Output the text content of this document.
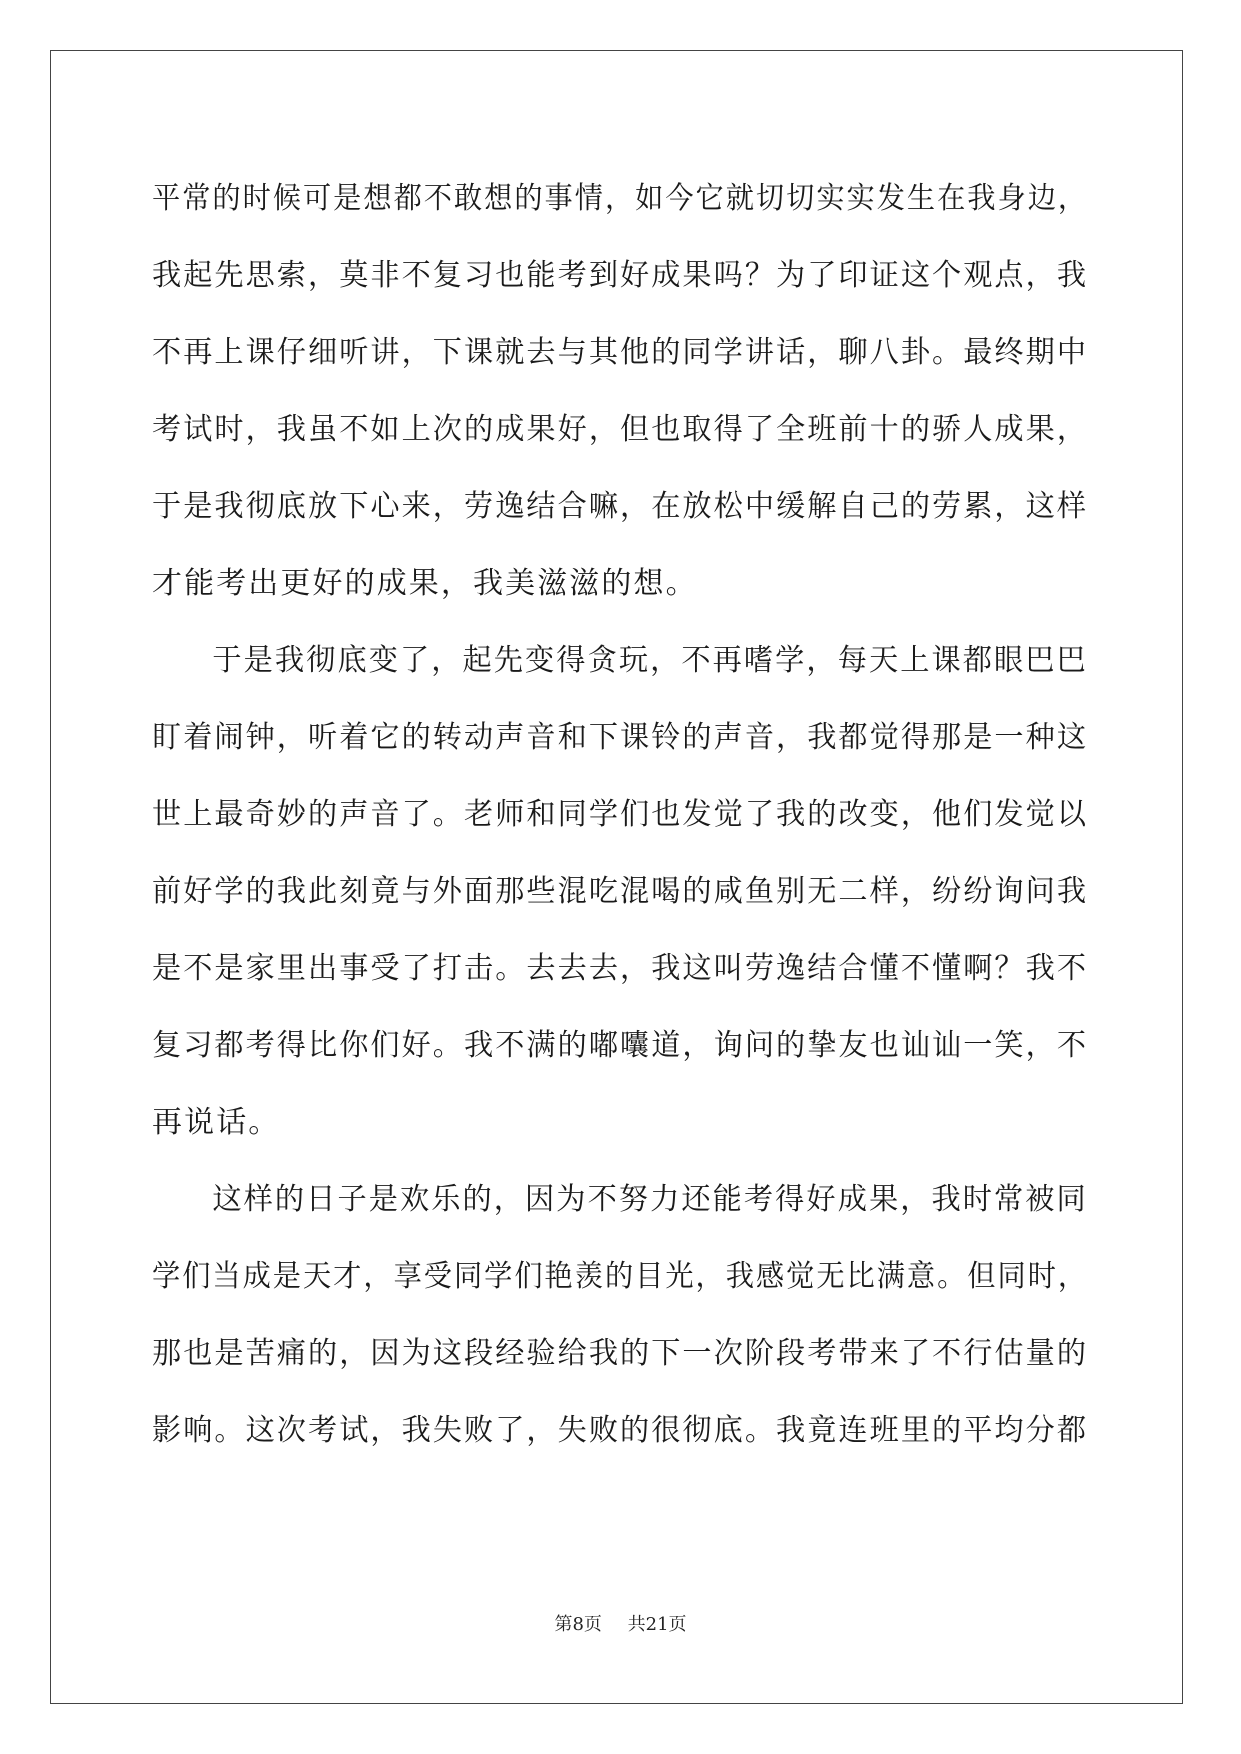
平常的时候可是想都不敢想的事情，如今它就切切实实发生在我身边，
我起先思索，莫非不复习也能考到好成果吗？为了印证这个观点，我
不再上课仔细听讲，下课就去与其他的同学讲话，聊八卦。最终期中
考试时，我虽不如上次的成果好，但也取得了全班前十的骄人成果，
于是我彻底放下心来，劳逸结合嘛，在放松中缓解自己的劳累，这样
才能考出更好的成果，我美滋滋的想。
于是我彻底变了，起先变得贪玩，不再嗜学，每天上课都眼巴巴
盯着闹钟，听着它的转动声音和下课铃的声音，我都觉得那是一种这
世上最奇妙的声音了。老师和同学们也发觉了我的改变，他们发觉以
前好学的我此刻竟与外面那些混吃混喝的咸鱼别无二样，纷纷询问我
是不是家里出事受了打击。去去去，我这叫劳逸结合懂不懂啊？我不
复习都考得比你们好。我不满的嘟囔道，询问的挚友也讪讪一笑，不
再说话。
这样的日子是欢乐的，因为不努力还能考得好成果，我时常被同
学们当成是天才，享受同学们艳羡的目光，我感觉无比满意。但同时，
那也是苦痛的，因为这段经验给我的下一次阶段考带来了不行估量的
影响。这次考试，我失败了，失败的很彻底。我竟连班里的平均分都
第8页 共21页
